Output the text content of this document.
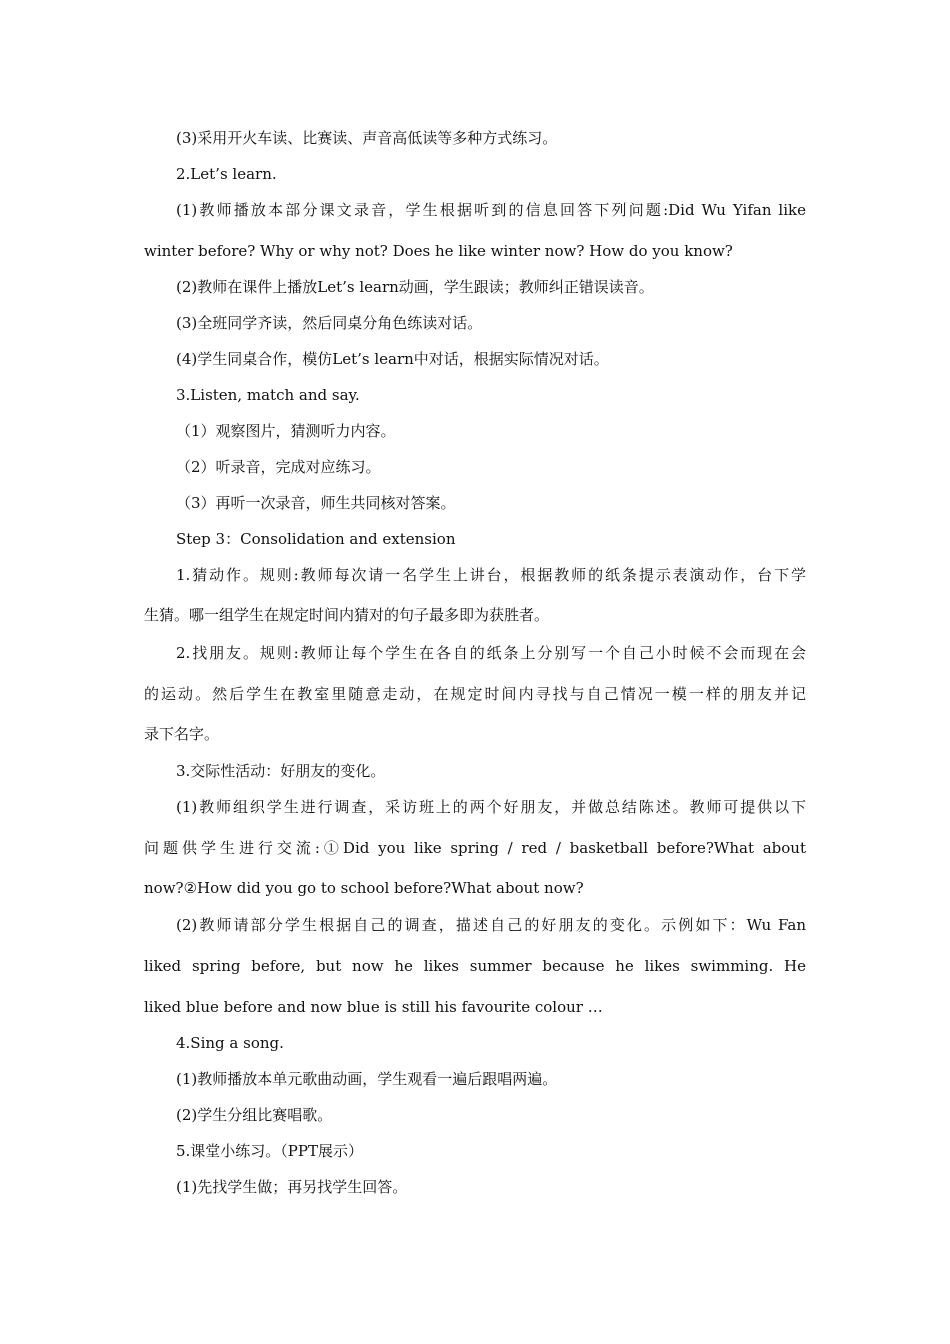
(3)采用开火车读、比赛读、声音高低读等多种方式练习。
2.Let’s learn.
(1)教师播放本部分课文录音，学生根据听到的信息回答下列问题:Did Wu Yifan like
winter before? Why or why not? Does he like winter now? How do you know?
(2)教师在课件上播放Let’s learn动画，学生跟读；教师纠正错误读音。
(3)全班同学齐读，然后同桌分角色练读对话。
(4)学生同桌合作，模仿Let’s learn中对话，根据实际情况对话。
3.Listen, match and say.
（1）观察图片，猜测听力内容。
（2）听录音，完成对应练习。
（3）再听一次录音，师生共同核对答案。
Step 3：Consolidation and extension
1.猜动作。规则:教师每次请一名学生上讲台，根据教师的纸条提示表演动作，台下学
生猜。哪一组学生在规定时间内猜对的句子最多即为获胜者。
2.找朋友。规则:教师让每个学生在各自的纸条上分别写一个自己小时候不会而现在会
的运动。然后学生在教室里随意走动，在规定时间内寻找与自己情况一模一样的朋友并记
录下名字。
3.交际性活动：好朋友的变化。
(1)教师组织学生进行调查，采访班上的两个好朋友，并做总结陈述。教师可提供以下
问题供学生进行交流:①Did you like spring / red / basketball before?What about
now?②How did you go to school before?What about now?
(2)教师请部分学生根据自己的调查，描述自己的好朋友的变化。示例如下：Wu Fan
liked spring before, but now he likes summer because he likes swimming. He
liked blue before and now blue is still his favourite colour …
4.Sing a song.
(1)教师播放本单元歌曲动画，学生观看一遍后跟唱两遍。
(2)学生分组比赛唱歌。
5.课堂小练习。（PPT展示）
(1)先找学生做；再另找学生回答。
